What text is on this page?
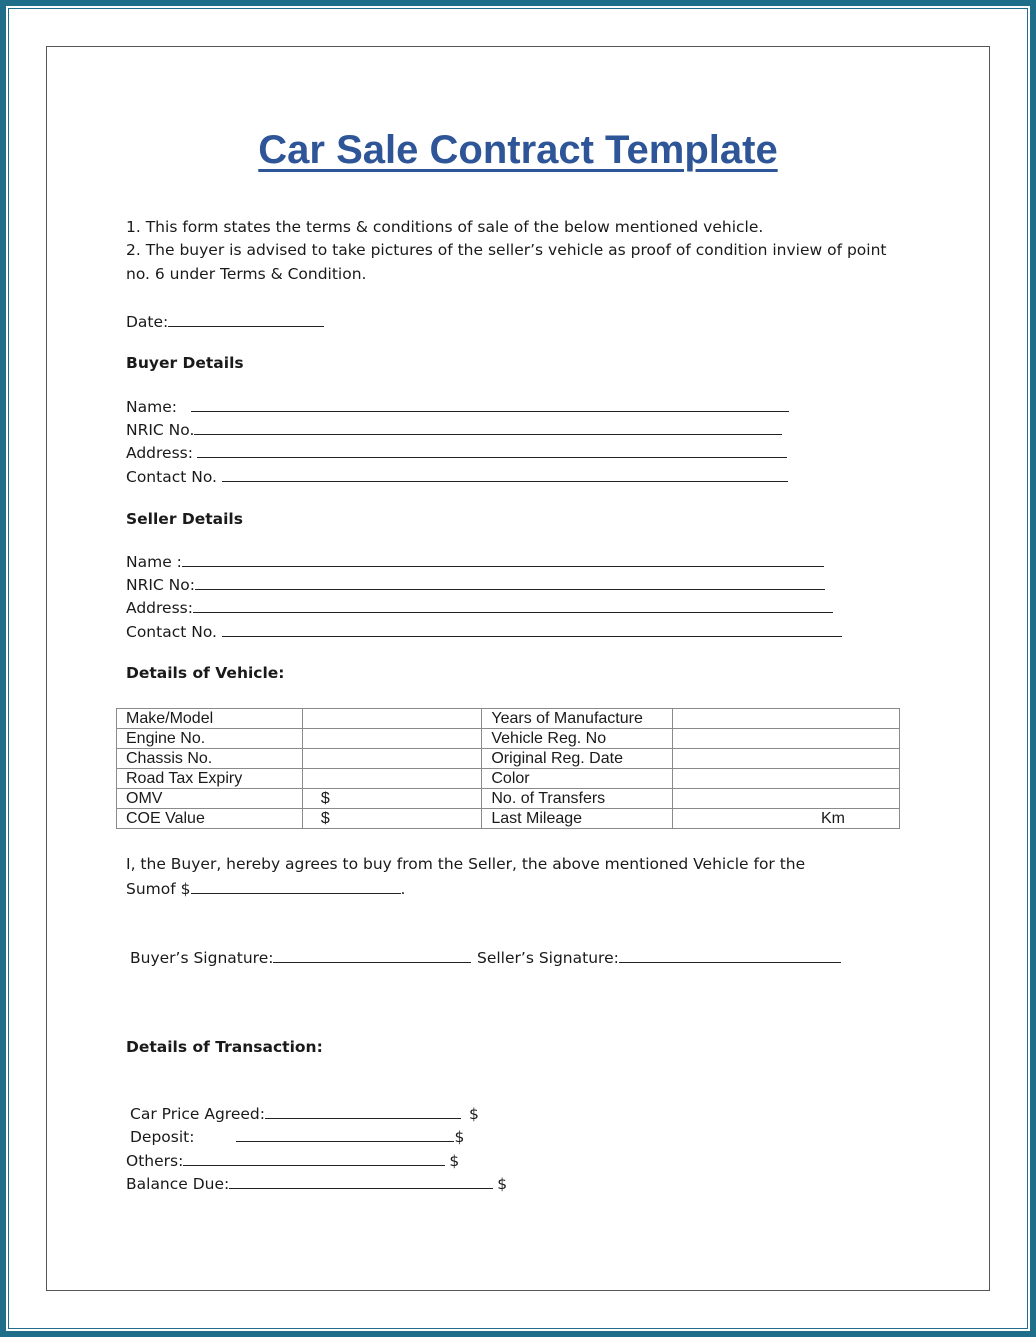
Car Sale Contract Template
1. This form states the terms & conditions of sale of the below mentioned vehicle.
2. The buyer is advised to take pictures of the seller’s vehicle as proof of condition inview of point
no. 6 under Terms & Condition.
Date:
Buyer Details
Name:
NRIC No.
Address:
Contact No.
Seller Details
Name :
NRIC No:
Address:
Contact No.
Details of Vehicle:
Make/Model		Years of Manufacture	
Engine No.		Vehicle Reg. No	
Chassis No.		Original Reg. Date	
Road Tax Expiry		Color	
OMV	$	No. of Transfers	
COE Value	$	Last Mileage	Km
I, the Buyer, hereby agrees to buy from the Seller, the above mentioned Vehicle for the
Sumof $	.
Buyer’s Signature:	Seller’s Signature:
Details of Transaction:
Car Price Agreed:	$
Deposit:	$
Others:	$
Balance Due:	$
